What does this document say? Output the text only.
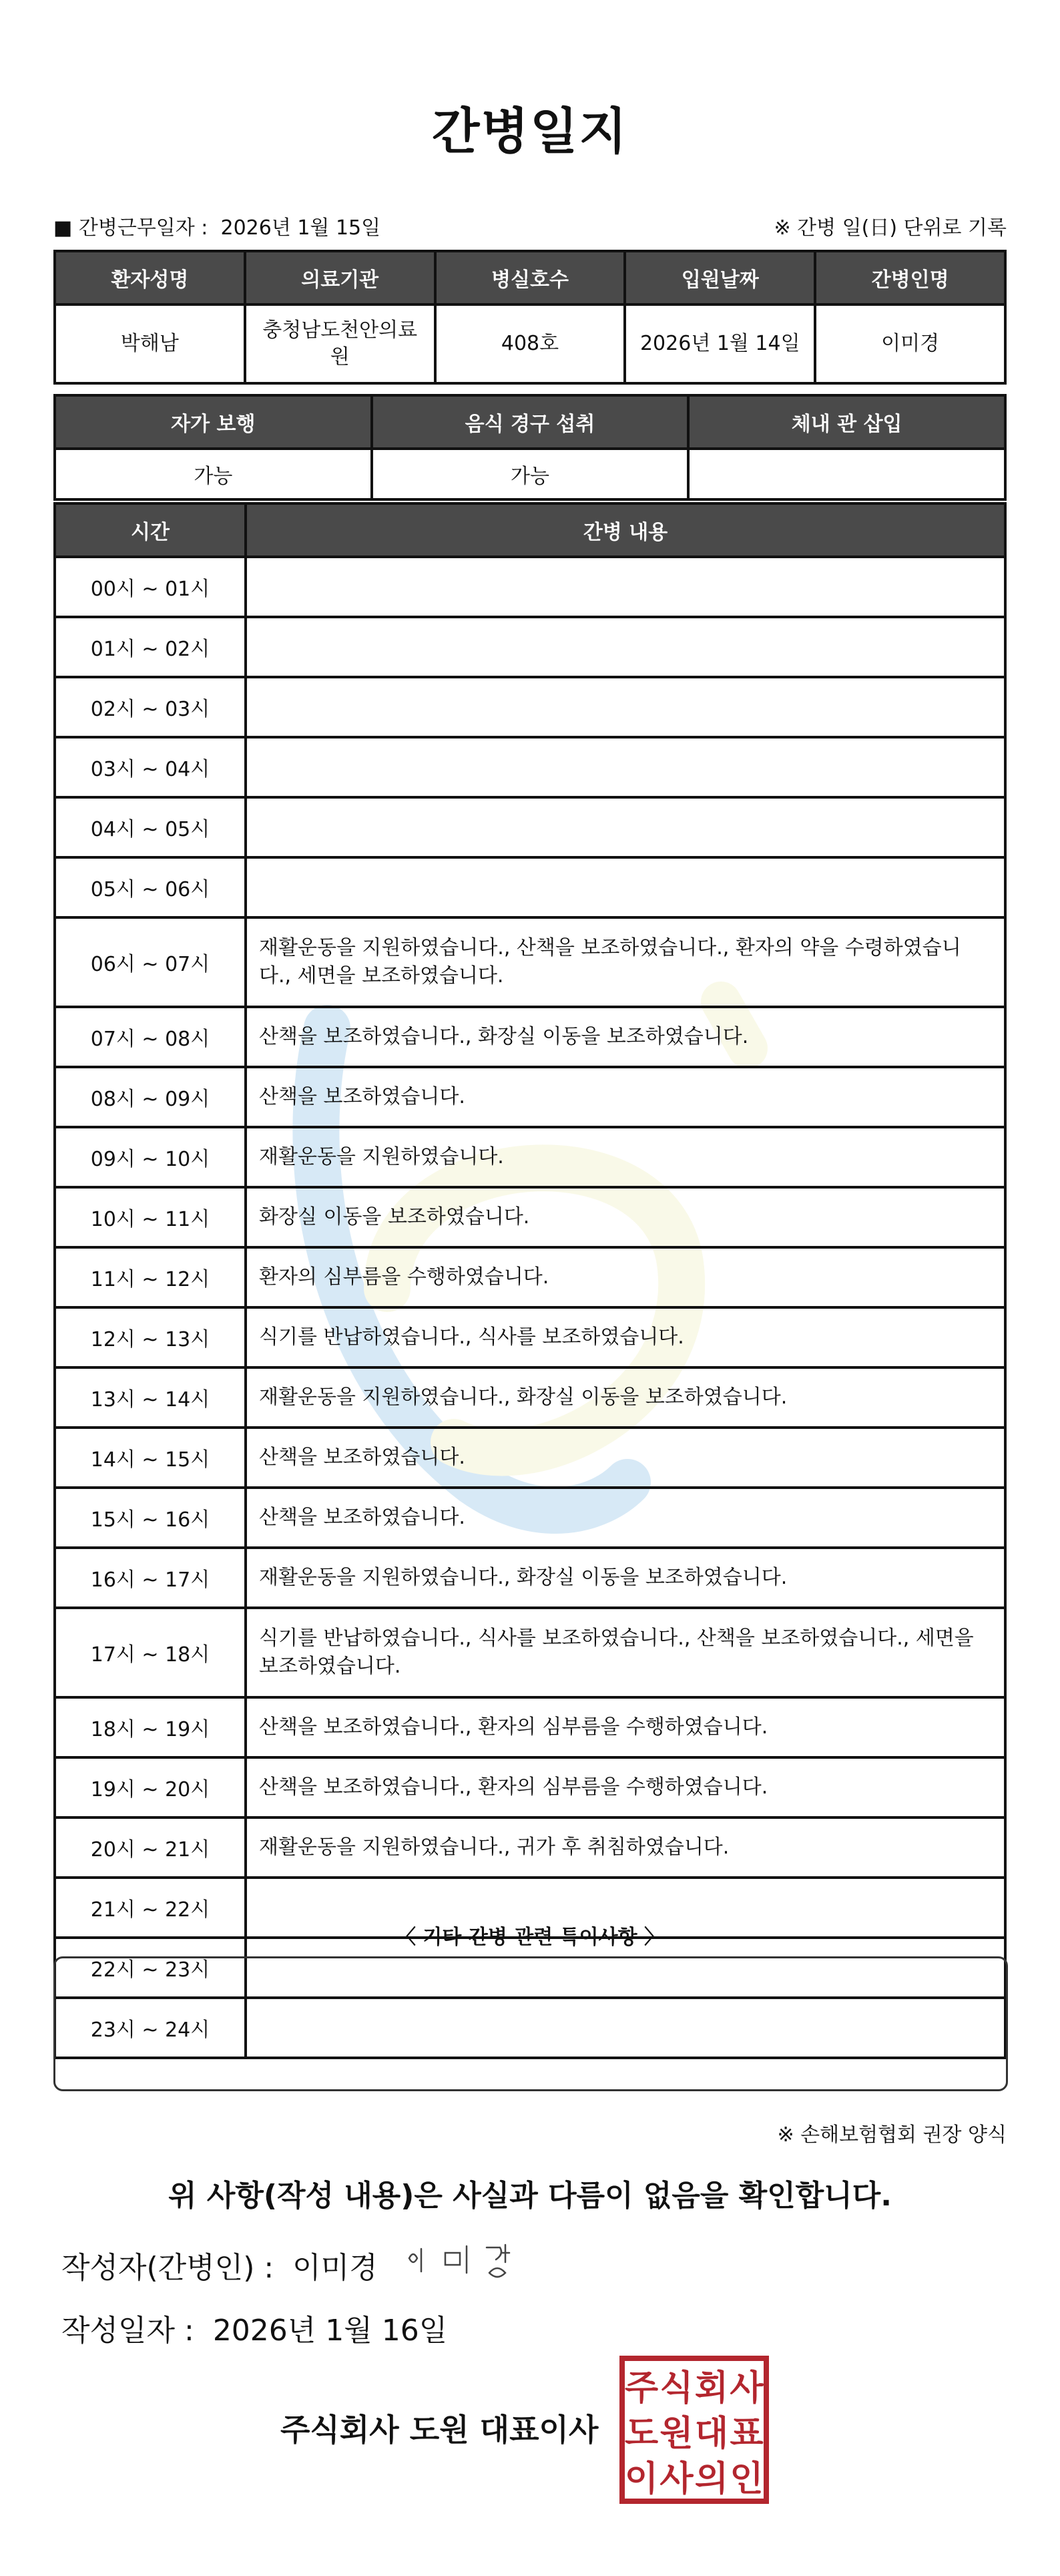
간병일지
■ 간병근무일자 : 2026년 1월 15일	※ 간병 일(日) 단위로 기록
환자성명	의료기관	병실호수	입원날짜	간병인명
박해남	충청남도천안의료원	408호	2026년 1월 14일	이미경
자가 보행	음식 경구 섭취	체내 관 삽입
가능	가능	
시간	간병 내용
00시 ~ 01시	
01시 ~ 02시	
02시 ~ 03시	
03시 ~ 04시	
04시 ~ 05시	
05시 ~ 06시	
06시 ~ 07시	재활운동을 지원하였습니다., 산책을 보조하였습니다., 환자의 약을 수령하였습니다., 세면을 보조하였습니다.
07시 ~ 08시	산책을 보조하였습니다., 화장실 이동을 보조하였습니다.
08시 ~ 09시	산책을 보조하였습니다.
09시 ~ 10시	재활운동을 지원하였습니다.
10시 ~ 11시	화장실 이동을 보조하였습니다.
11시 ~ 12시	환자의 심부름을 수행하였습니다.
12시 ~ 13시	식기를 반납하였습니다., 식사를 보조하였습니다.
13시 ~ 14시	재활운동을 지원하였습니다., 화장실 이동을 보조하였습니다.
14시 ~ 15시	산책을 보조하였습니다.
15시 ~ 16시	산책을 보조하였습니다.
16시 ~ 17시	재활운동을 지원하였습니다., 화장실 이동을 보조하였습니다.
17시 ~ 18시	식기를 반납하였습니다., 식사를 보조하였습니다., 산책을 보조하였습니다., 세면을 보조하였습니다.
18시 ~ 19시	산책을 보조하였습니다., 환자의 심부름을 수행하였습니다.
19시 ~ 20시	산책을 보조하였습니다., 환자의 심부름을 수행하였습니다.
20시 ~ 21시	재활운동을 지원하였습니다., 귀가 후 취침하였습니다.
21시 ~ 22시	
22시 ~ 23시	
23시 ~ 24시	
〈 기타 간병 관련 특이사항 〉
※ 손해보험협회 권장 양식
위 사항(작성 내용)은 사실과 다름이 없음을 확인합니다.
작성자(간병인) : 이미경
작성일자 : 2026년 1월 16일
주식회사 도원 대표이사
주 식 회 사
도 원 대 표
이 사 의 인
